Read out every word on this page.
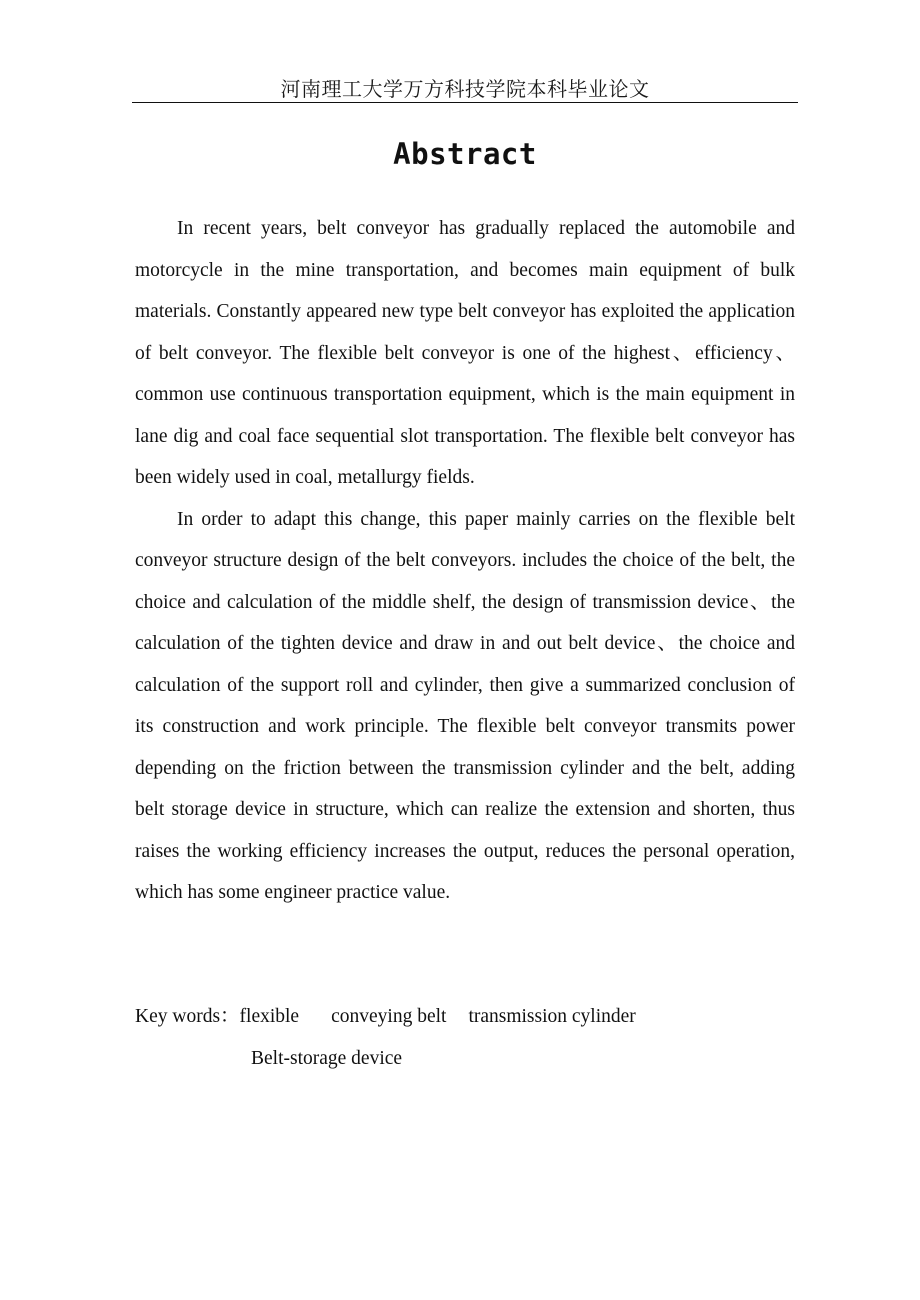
河南理工大学万方科技学院本科毕业论文
Abstract

In recent years, belt conveyor has gradually replaced the automobile and motorcycle in the mine transportation, and becomes main equipment of bulk materials. Constantly appeared new type belt conveyor has exploited the application of belt conveyor. The flexible belt conveyor is one of the highest、efficiency、common use continuous transportation equipment, which is the main equipment in lane dig and coal face sequential slot transportation. The flexible belt conveyor has been widely used in coal, metallurgy fields.

In order to adapt this change, this paper mainly carries on the flexible belt conveyor structure design of the belt conveyors. includes the choice of the belt, the choice and calculation of the middle shelf, the design of transmission device、the calculation of the tighten device and draw in and out belt device、the choice and calculation of the support roll and cylinder, then give a summarized conclusion of its construction and work principle. The flexible belt conveyor transmits power depending on the friction between the transmission cylinder and the belt, adding belt storage device in structure, which can realize the extension and shorten, thus raises the working efficiency increases the output, reduces the personal operation, which has some engineer practice value.

Key words：flexible conveying belt transmission cylinder
Belt-storage device
